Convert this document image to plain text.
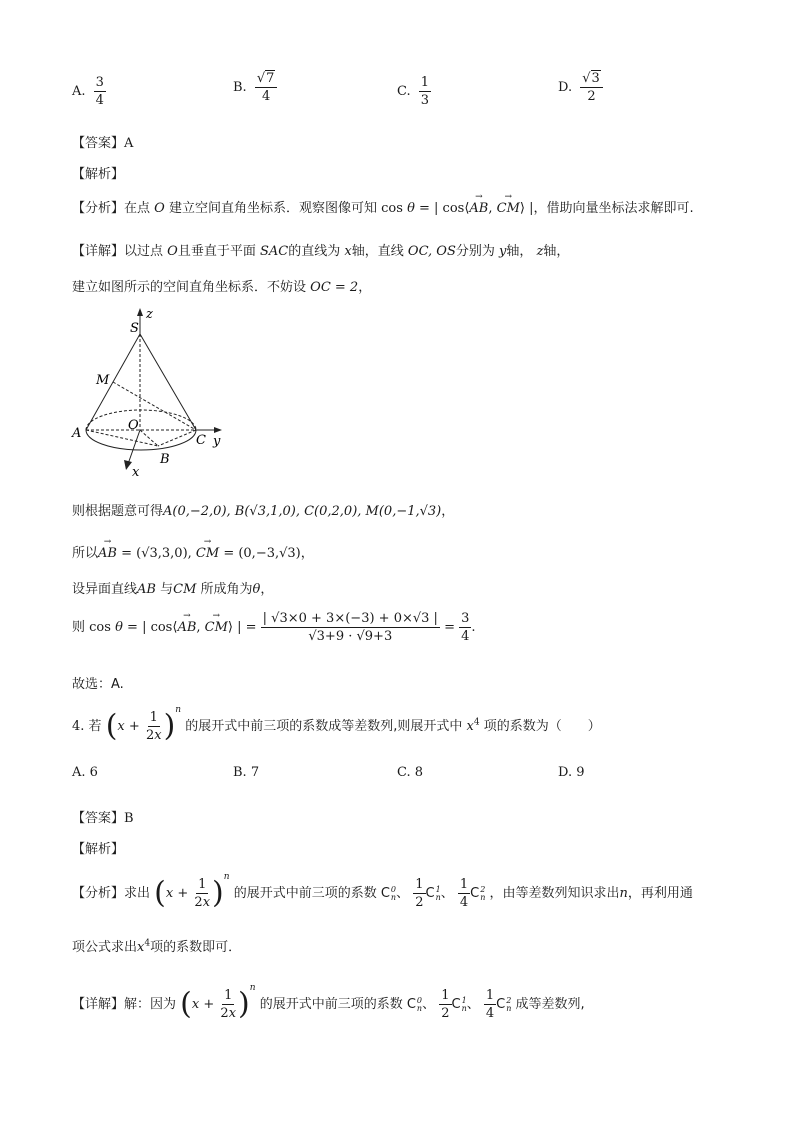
A. $\frac{3}{4}$	B. $\frac{√7}{4}$	C. $\frac{1}{3}$	D. $\frac{√3}{2}$
【答案】A
【解析】
【分析】在点 O 建立空间直角坐标系．观察图像可知 cos θ = | cos⟨→ AB, → CM⟩ |，借助向量坐标法求解即可.
【详解】以过点 O且垂直于平面 SAC的直线为 x轴，直线 OC, OS分别为 y轴， z轴，
建立如图所示的空间直角坐标系．不妨设 OC = 2，
S
z
M
O
A	C y
B
x
则根据题意可得A(0,−2,0), B(√3,1,0), C(0,2,0), M(0,−1,√3)，
所以→ AB = (√3,3,0), → CM = (0,−3,√3)，
设异面直线AB 与CM 所成角为θ，
则 cos θ = | cos⟨→ AB, → CM⟩ | = $\frac{| √3\times 0 + 3\times(-3) + 0\times√3 |}{√3+9 \cdot √9+3} = \frac{3}{4}$ .
故选：A.
4. 若 $(x + \frac{1}{2x} )^n$ 的展开式中前三项的系数成等差数列,则展开式中 $x^4$ 项的系数为（　　）
A. 6	B. 7	C. 8	D. 9
【答案】B
【解析】
【分析】求出 $(x + \frac{1}{2x} )^n$ 的展开式中前三项的系数 C 0
n 、 $\frac{1}{2}$ C 1
n 、 $\frac{1}{4}$ C 2
n ，由等差数列知识求出n，再利用通
项公式求出$x^4$项的系数即可．
【详解】解：因为 $(x + \frac{1}{2x} )^n$ 的展开式中前三项的系数 C 0
n 、 $\frac{1}{2}$ C 1
n 、 $\frac{1}{4}$ C 2
n 成等差数列,
